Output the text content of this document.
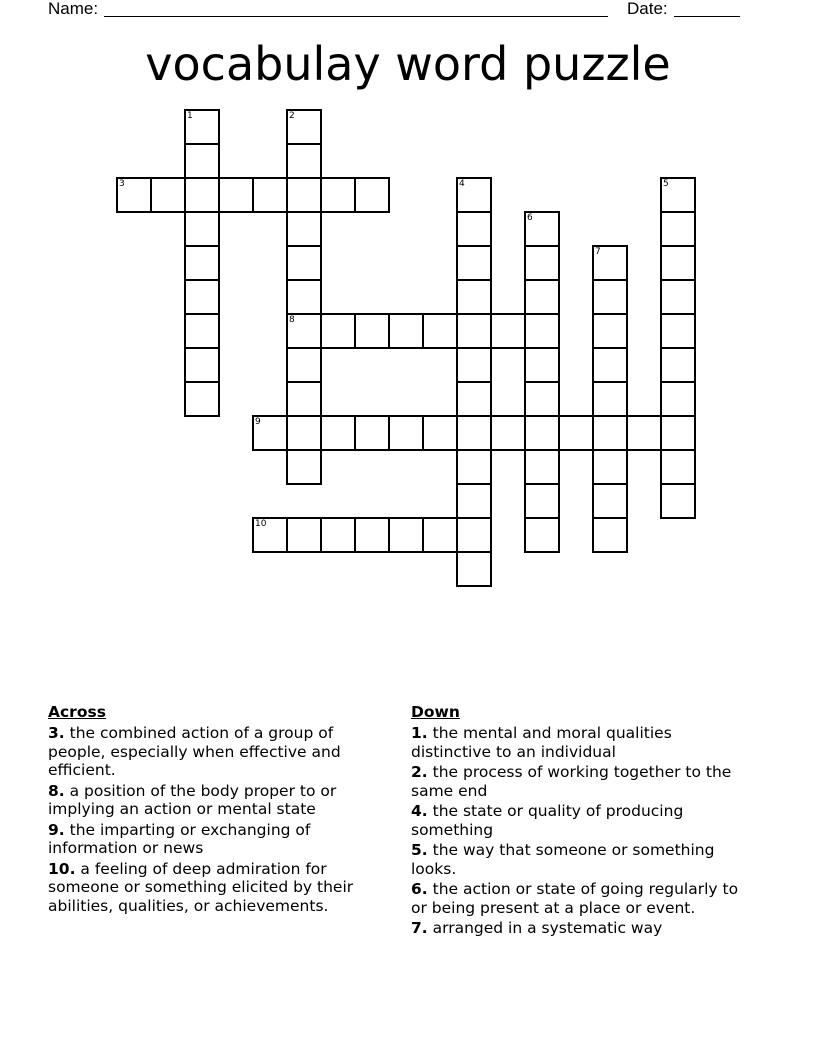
Name:	Date:
vocabulay word puzzle
1	2
8
3	4	5
6
7
9
10
Across
3. the combined action of a group of people, especially when effective and efficient.
8. a position of the body proper to or implying an action or mental state
9. the imparting or exchanging of information or news
10. a feeling of deep admiration for someone or something elicited by their abilities, qualities, or achievements.
Down
1. the mental and moral qualities distinctive to an individual
2. the process of working together to the same end
4. the state or quality of producing something
5. the way that someone or something looks.
6. the action or state of going regularly to or being present at a place or event.
7. arranged in a systematic way
